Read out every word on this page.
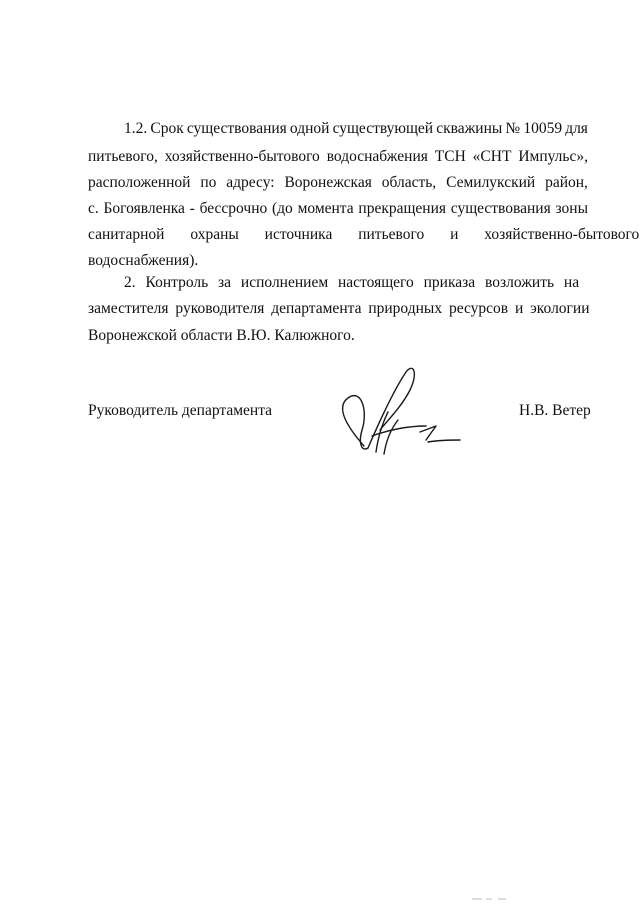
1.2. Срок существования одной существующей скважины № 10059 для
питьевого, хозяйственно-бытового водоснабжения ТСН «СНТ Импульс»,
расположенной по адресу: Воронежская область, Семилукский район,
с. Богоявленка - бессрочно (до момента прекращения существования зоны
санитарной охраны источника питьевого и хозяйственно-бытового
водоснабжения).
2. Контроль за исполнением настоящего приказа возложить на
заместителя руководителя департамента природных ресурсов и экологии
Воронежской области В.Ю. Калюжного.
Руководитель департамента	Н.В. Ветер
